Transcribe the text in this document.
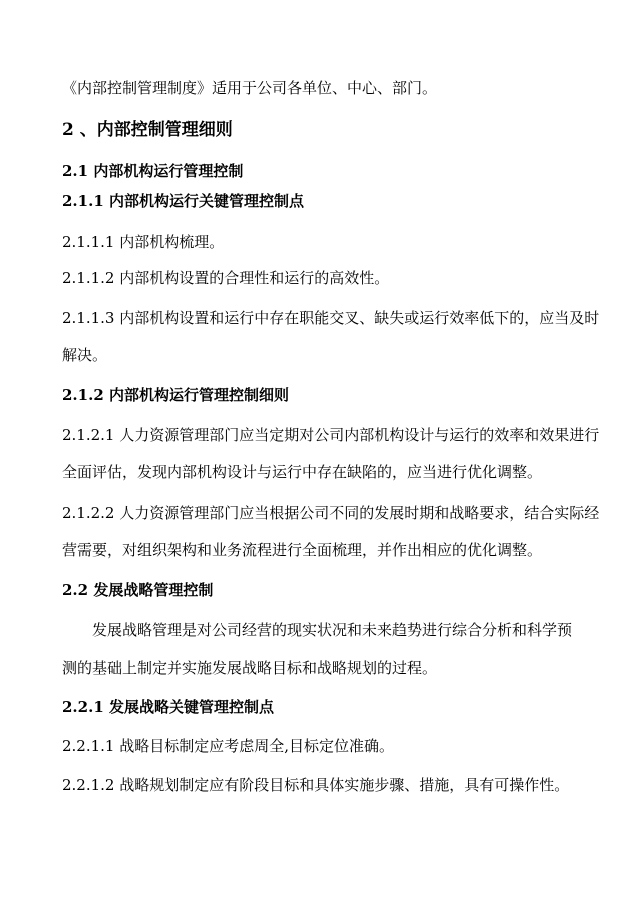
《内部控制管理制度》适用于公司各单位、中心、部门。
2 、内部控制管理细则
2.1 内部机构运行管理控制
2.1.1 内部机构运行关键管理控制点
2.1.1.1 内部机构梳理。
2.1.1.2 内部机构设置的合理性和运行的高效性。
2.1.1.3 内部机构设置和运行中存在职能交叉、缺失或运行效率低下的，应当及时
解决。
2.1.2 内部机构运行管理控制细则
2.1.2.1 人力资源管理部门应当定期对公司内部机构设计与运行的效率和效果进行
全面评估，发现内部机构设计与运行中存在缺陷的，应当进行优化调整。
2.1.2.2 人力资源管理部门应当根据公司不同的发展时期和战略要求，结合实际经
营需要，对组织架构和业务流程进行全面梳理，并作出相应的优化调整。
2.2 发展战略管理控制
发展战略管理是对公司经营的现实状况和未来趋势进行综合分析和科学预
测的基础上制定并实施发展战略目标和战略规划的过程。
2.2.1 发展战略关键管理控制点
2.2.1.1 战略目标制定应考虑周全,目标定位准确。
2.2.1.2 战略规划制定应有阶段目标和具体实施步骤、措施，具有可操作性。
